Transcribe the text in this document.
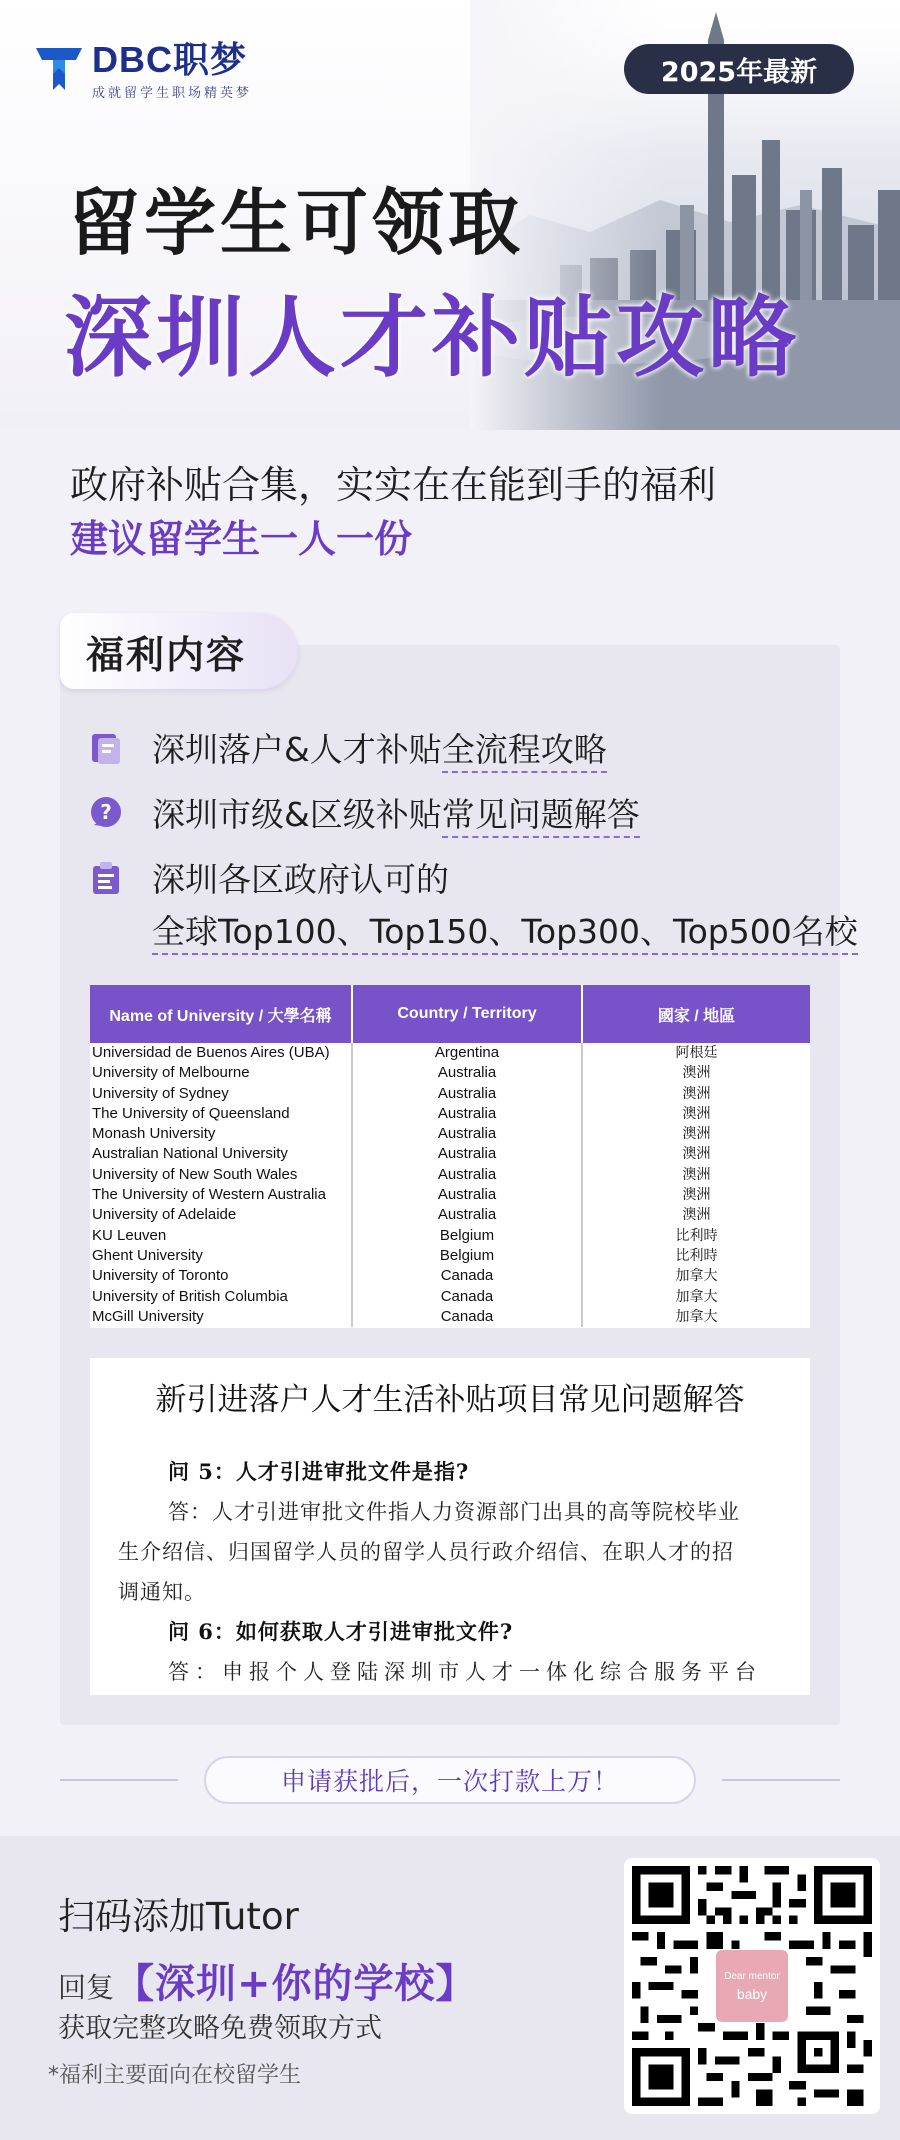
DBC职梦
成就留学生职场精英梦
2025年最新
留学生可领取
深圳人才补贴攻略
政府补贴合集，实实在在能到手的福利
建议留学生一人一份
福利内容
深圳落户&人才补贴全流程攻略
? 深圳市级&区级补贴常见问题解答
深圳各区政府认可的
全球Top100、Top150、Top300、Top500名校
Name of University / 大學名稱	Country / Territory	國家 / 地區
Universidad de Buenos Aires (UBA)	Argentina	阿根廷
University of Melbourne	Australia	澳洲
University of Sydney	Australia	澳洲
The University of Queensland	Australia	澳洲
Monash University	Australia	澳洲
Australian National University	Australia	澳洲
University of New South Wales	Australia	澳洲
The University of Western Australia	Australia	澳洲
University of Adelaide	Australia	澳洲
KU Leuven	Belgium	比利時
Ghent University	Belgium	比利時
University of Toronto	Canada	加拿大
University of British Columbia	Canada	加拿大
McGill University	Canada	加拿大
新引进落户人才生活补贴项目常见问题解答
问 5：人才引进审批文件是指?
答：人才引进审批文件指人力资源部门出具的高等院校毕业
生介绍信、归国留学人员的留学人员行政介绍信、在职人才的招
调通知。
问 6：如何获取人才引进审批文件?
答：申报个人登陆深圳市人才一体化综合服务平台
申请获批后，一次打款上万！
扫码添加Tutor
回复 【深圳+你的学校】
获取完整攻略免费领取方式
*福利主要面向在校留学生
Dear mentor
baby
